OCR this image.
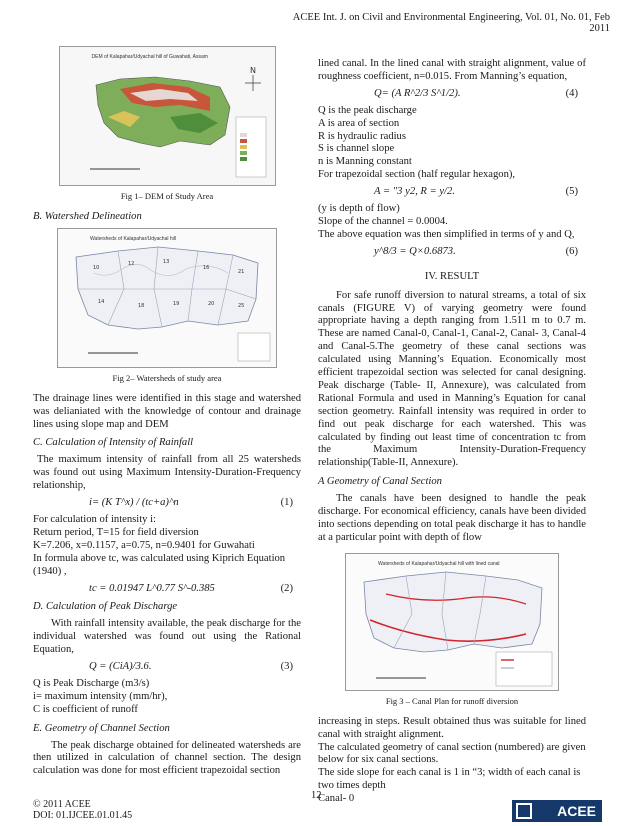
ACEE Int. J. on Civil and Environmental Engineering, Vol. 01, No. 01, Feb 2011
N
DEM of Kalapahar/Udyachal hill of Guwahati, Assam
Fig 1– DEM of Study Area
B. Watershed Delineation
10
12	13
16
21
14
18	19	20	25
Watersheds of Kalapahar/Udyachal hill
Fig 2– Watersheds of study area

The drainage lines were identified in this stage and watershed was delianiated with the knowledge of contour and drainage lines using slope map and DEM

C. Calculation of Intensity of Rainfall

The maximum intensity of rainfall from all 25 watersheds was found out using Maximum Intensity-Duration-Frequency relationship,

i= (K T^x) / (tc+a)^n	(1)
For calculation of intensity i:
Return period, T=15 for field diversion
K=7.206, x=0.1157, a=0.75, n=0.9401 for Guwahati
In formula above tc, was calculated using Kiprich Equation (1940) ,
tc = 0.01947 L^0.77 S^-0.385	(2)
D. Calculation of Peak Discharge

With rainfall intensity available, the peak discharge for the individual watershed was found out using the Rational Equation,

Q = (CiA)/3.6.	(3)
Q is Peak Discharge (m3/s)
i= maximum intensity (mm/hr),
C is coefficient of runoff
E. Geometry of Channel Section

The peak discharge obtained for delineated watersheds are then utilized in calculation of channel section. The design calculation was done for most efficient trapezoidal section

lined canal. In the lined canal with straight alignment, value of roughness coefficient, n=0.015. From Manning’s equation,

Q= (A R^2/3 S^1/2).	(4)
Q is the peak discharge
A is area of section
R is hydraulic radius
S is channel slope
n is Manning constant
For trapezoidal section (half regular hexagon),
A = "3 y2, R = y/2.	(5)
(y is depth of flow)
Slope of the channel = 0.0004.
The above equation was then simplified in terms of y and Q,
y^8/3 = Q×0.6873.	(6)
IV. RESULT

For safe runoff diversion to natural streams, a total of six canals (FIGURE V) of varying geometry were found appropriate having a depth ranging from 1.511 m to 0.7 m. These are named Canal-0, Canal-1, Canal-2, Canal- 3, Canal-4 and Canal-5.The geometry of these canal sections was calculated using Manning’s Equation. Economically most efficient trapezoidal section was selected for canal designing. Peak discharge (Table- II, Annexure), was calculated from Rational Formula and used in Manning’s Equation for canal section geometry. Rainfall intensity was required in order to find out peak discharge for each watershed. This was calculated by finding out least time of concentration tc from the Maximum Intensity-Duration-Frequency relationship(Table-II, Annexure).

A Geometry of Canal Section

The canals have been designed to handle the peak discharge. For economical efficiency, canals have been divided into sections depending on total peak discharge it has to handle at a particular point with depth of flow

Watersheds of Kalapahar/Udyachal hill with lined canal
Fig 3 – Canal Plan for runoff diversion

increasing in steps. Result obtained thus was suitable for lined canal with straight alignment.

The calculated geometry of canal section (numbered) are given below for six canal sections.
The side slope for each canal is 1 in “3; width of each canal is two times depth
Canal- 0
12
© 2011 ACEE
DOI: 01.IJCEE.01.01.45	ACEE
